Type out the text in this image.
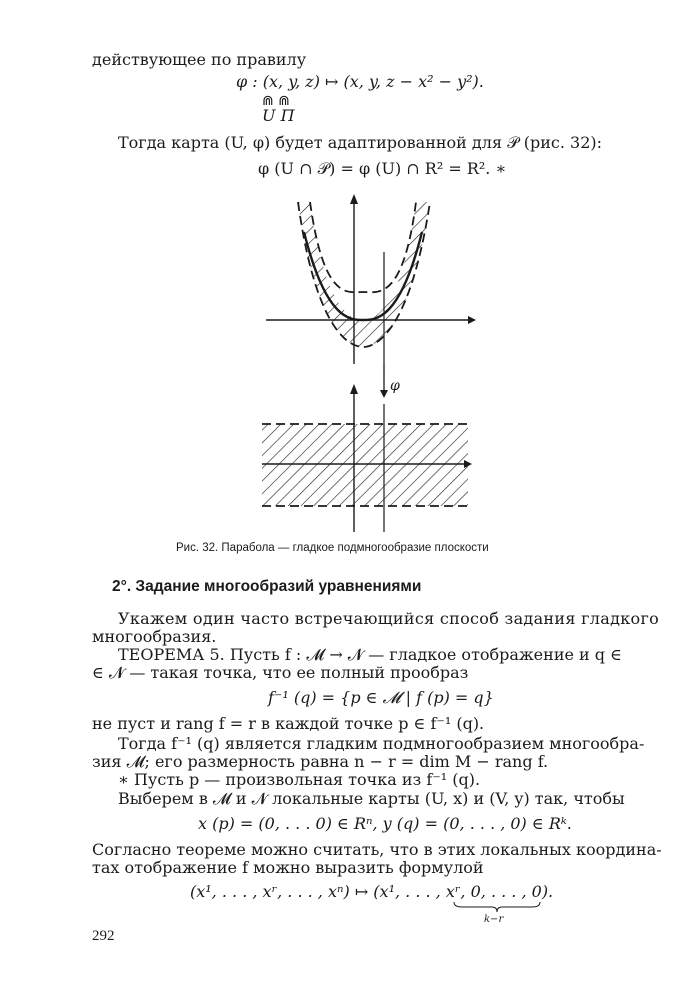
действующее по правилу
φ : (x, y, z) ↦ (x, y, z − x² − y²).
⋒ ⋒
U Π
Тогда карта (U, φ) будет адаптированной для 𝒫 (рис. 32):
φ (U ∩ 𝒫) = φ (U) ∩ R² = R². ∗
φ
Рис. 32. Парабола — гладкое подмногообразие плоскости
2°. Задание многообразий уравнениями
Укажем один часто встречающийся способ задания гладкого
многообразия.
ТЕОРЕМА 5. Пусть f : 𝓜 → 𝓝 — гладкое отображение и q ∈
∈ 𝓝 — такая точка, что ее полный прообраз
f⁻¹ (q) = {p ∈ 𝓜 | f (p) = q}
не пуст и rang f = r в каждой точке p ∈ f⁻¹ (q).
Тогда f⁻¹ (q) является гладким подмногообразием многообра-
зия 𝓜; его размерность равна n − r = dim M − rang f.
∗ Пусть p — произвольная точка из f⁻¹ (q).
Выберем в 𝓜 и 𝓝 локальные карты (U, x) и (V, y) так, чтобы
x (p) = (0, . . . 0) ∈ Rⁿ, y (q) = (0, . . . , 0) ∈ Rᵏ.
Согласно теореме можно считать, что в этих локальных координа-
тах отображение f можно выразить формулой
(x¹, . . . , xʳ, . . . , xⁿ) ↦ (x¹, . . . , xʳ, 0, . . . , 0).
k−r
292
